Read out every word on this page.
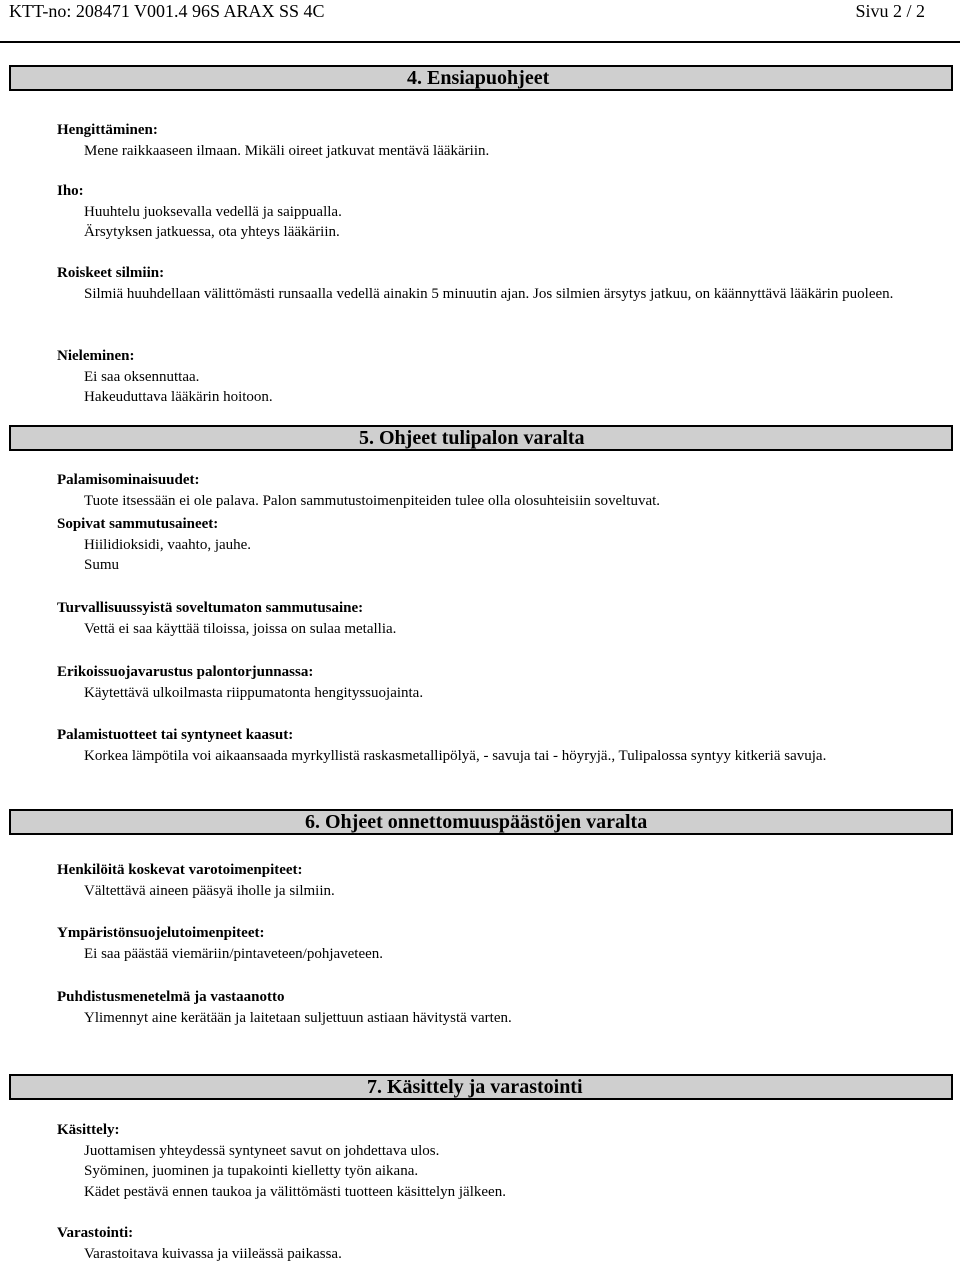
KTT-no: 208471 V001.4 96S ARAX SS 4C	Sivu 2 / 2
4. Ensiapuohjeet
Hengittäminen:
Mene raikkaaseen ilmaan. Mikäli oireet jatkuvat mentävä lääkäriin.
Iho:
Huuhtelu juoksevalla vedellä ja saippualla.
Ärsytyksen jatkuessa, ota yhteys lääkäriin.
Roiskeet silmiin:
Silmiä huuhdellaan välittömästi runsaalla vedellä ainakin 5 minuutin ajan. Jos silmien ärsytys jatkuu, on käännyttävä lääkärin puoleen.
Nieleminen:
Ei saa oksennuttaa.
Hakeuduttava lääkärin hoitoon.
5. Ohjeet tulipalon varalta
Palamisominaisuudet:
Tuote itsessään ei ole palava. Palon sammutustoimenpiteiden tulee olla olosuhteisiin soveltuvat.
Sopivat sammutusaineet:
Hiilidioksidi, vaahto, jauhe.
Sumu
Turvallisuussyistä soveltumaton sammutusaine:
Vettä ei saa käyttää tiloissa, joissa on sulaa metallia.
Erikoissuojavarustus palontorjunnassa:
Käytettävä ulkoilmasta riippumatonta hengityssuojainta.
Palamistuotteet tai syntyneet kaasut:
Korkea lämpötila voi aikaansaada myrkyllistä raskasmetallipölyä, - savuja tai - höyryjä., Tulipalossa syntyy kitkeriä savuja.
6. Ohjeet onnettomuuspäästöjen varalta
Henkilöitä koskevat varotoimenpiteet:
Vältettävä aineen pääsyä iholle ja silmiin.
Ympäristönsuojelutoimenpiteet:
Ei saa päästää viemäriin/pintaveteen/pohjaveteen.
Puhdistusmenetelmä ja vastaanotto
Ylimennyt aine kerätään ja laitetaan suljettuun astiaan hävitystä varten.
7. Käsittely ja varastointi
Käsittely:
Juottamisen yhteydessä syntyneet savut on johdettava ulos.
Syöminen, juominen ja tupakointi kielletty työn aikana.
Kädet pestävä ennen taukoa ja välittömästi tuotteen käsittelyn jälkeen.
Varastointi:
Varastoitava kuivassa ja viileässä paikassa.
